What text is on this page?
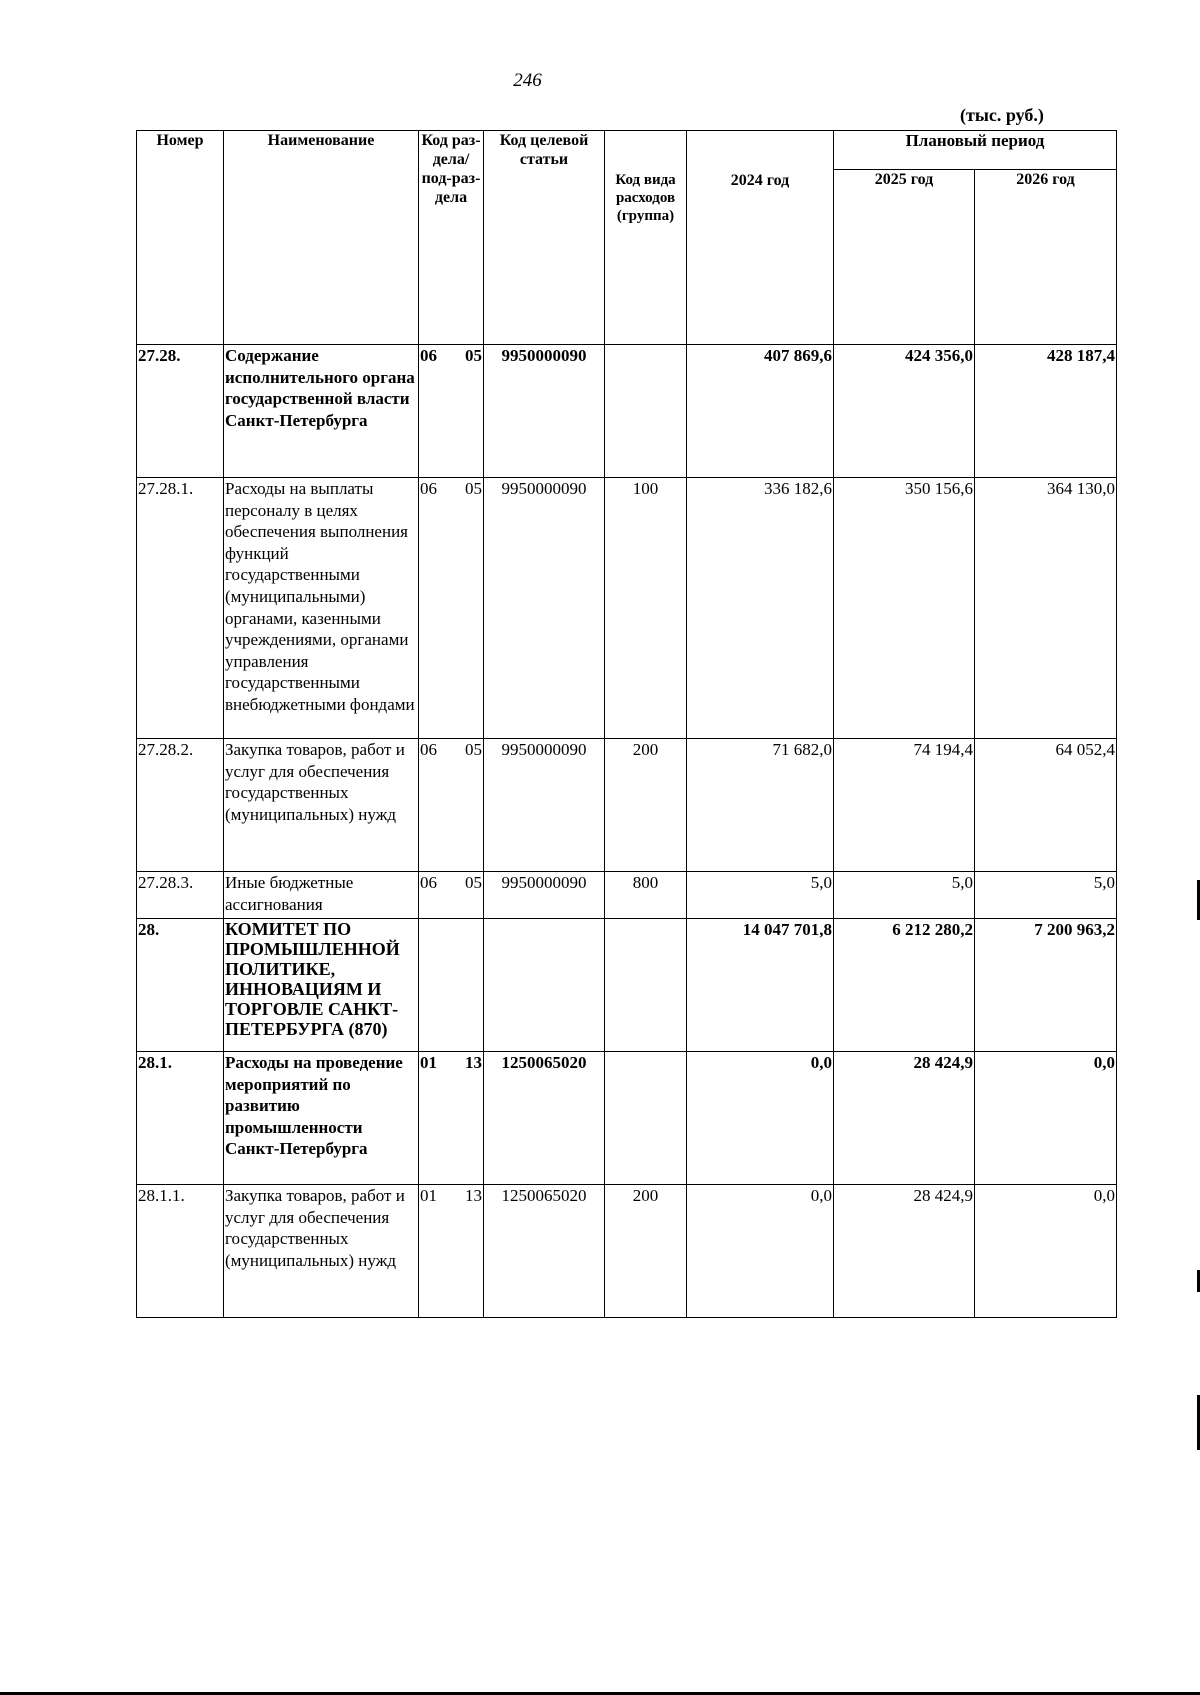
246
(тыс. руб.)
Номер	Наименование	Код раз-дела/ под-раз-дела	Код целевой статьи	Код вида расходов (группа)	2024 год	Плановый период	
						2025 год	2026 год
27.28.	Содержание исполнительного органа государственной власти Санкт-Петербурга	06 05	9950000090		407 869,6	424 356,0	428 187,4
27.28.1.	Расходы на выплаты персоналу в целях обеспечения выполнения функций государственными (муниципальными) органами, казенными учреждениями, органами управления государственными внебюджетными фондами	06 05	9950000090	100	336 182,6	350 156,6	364 130,0
27.28.2.	Закупка товаров, работ и услуг для обеспечения государственных (муниципальных) нужд	06 05	9950000090	200	71 682,0	74 194,4	64 052,4
27.28.3.	Иные бюджетные ассигнования	06 05	9950000090	800	5,0	5,0	5,0
28.	КОМИТЕТ ПО ПРОМЫШЛЕННОЙ ПОЛИТИКЕ, ИННОВАЦИЯМ И ТОРГОВЛЕ САНКТ-ПЕТЕРБУРГА (870)				14 047 701,8	6 212 280,2	7 200 963,2
28.1.	Расходы на проведение мероприятий по развитию промышленности Санкт-Петербурга	01 13	1250065020		0,0	28 424,9	0,0
28.1.1.	Закупка товаров, работ и услуг для обеспечения государственных (муниципальных) нужд	01 13	1250065020	200	0,0	28 424,9	0,0
